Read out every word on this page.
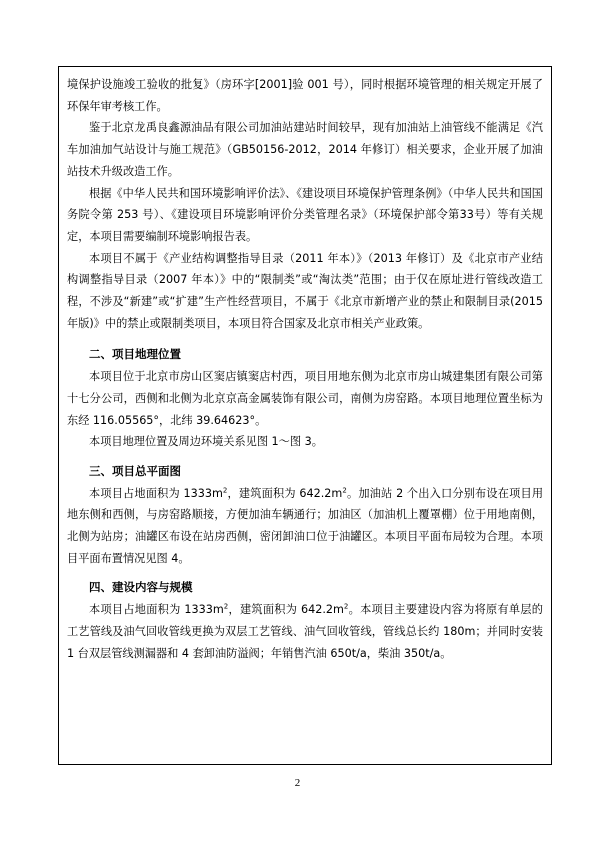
境保护设施竣工验收的批复》（房环字[2001]验 001 号），同时根据环境管理的相关规定开展了环保年审考核工作。

鉴于北京龙禹良鑫源油品有限公司加油站建站时间较早，现有加油站上油管线不能满足《汽车加油加气站设计与施工规范》（GB50156-2012，2014 年修订）相关要求，企业开展了加油站技术升级改造工作。

根据《中华人民共和国环境影响评价法》、《建设项目环境保护管理条例》（中华人民共和国国务院令第 253 号）、《建设项目环境影响评价分类管理名录》（环境保护部令第33号）等有关规定，本项目需要编制环境影响报告表。

本项目不属于《产业结构调整指导目录（2011 年本）》（2013 年修订）及《北京市产业结构调整指导目录（2007 年本）》中的“限制类”或“淘汰类”范围；由于仅在原址进行管线改造工程，不涉及“新建”或“扩建”生产性经营项目，不属于《北京市新增产业的禁止和限制目录(2015 年版)》中的禁止或限制类项目，本项目符合国家及北京市相关产业政策。

二、项目地理位置

本项目位于北京市房山区窦店镇窦店村西，项目用地东侧为北京市房山城建集团有限公司第十七分公司，西侧和北侧为北京京高金属装饰有限公司，南侧为房窑路。本项目地理位置坐标为东经 116.05565°，北纬 39.64623°。

本项目地理位置及周边环境关系见图 1～图 3。

三、项目总平面图

本项目占地面积为 $1333m^2$，建筑面积为 $642.2m^2$。加油站 2 个出入口分别布设在项目用地东侧和西侧，与房窑路顺接，方便加油车辆通行；加油区（加油机上覆罩棚）位于用地南侧，北侧为站房；油罐区布设在站房西侧，密闭卸油口位于油罐区。本项目平面布局较为合理。本项目平面布置情况见图 4。

四、建设内容与规模

本项目占地面积为 $1333m^2$，建筑面积为 $642.2m^2$。本项目主要建设内容为将原有单层的工艺管线及油气回收管线更换为双层工艺管线、油气回收管线，管线总长约 180m；并同时安装 1 台双层管线测漏器和 4 套卸油防溢阀；年销售汽油 650t/a，柴油 350t/a。

2
